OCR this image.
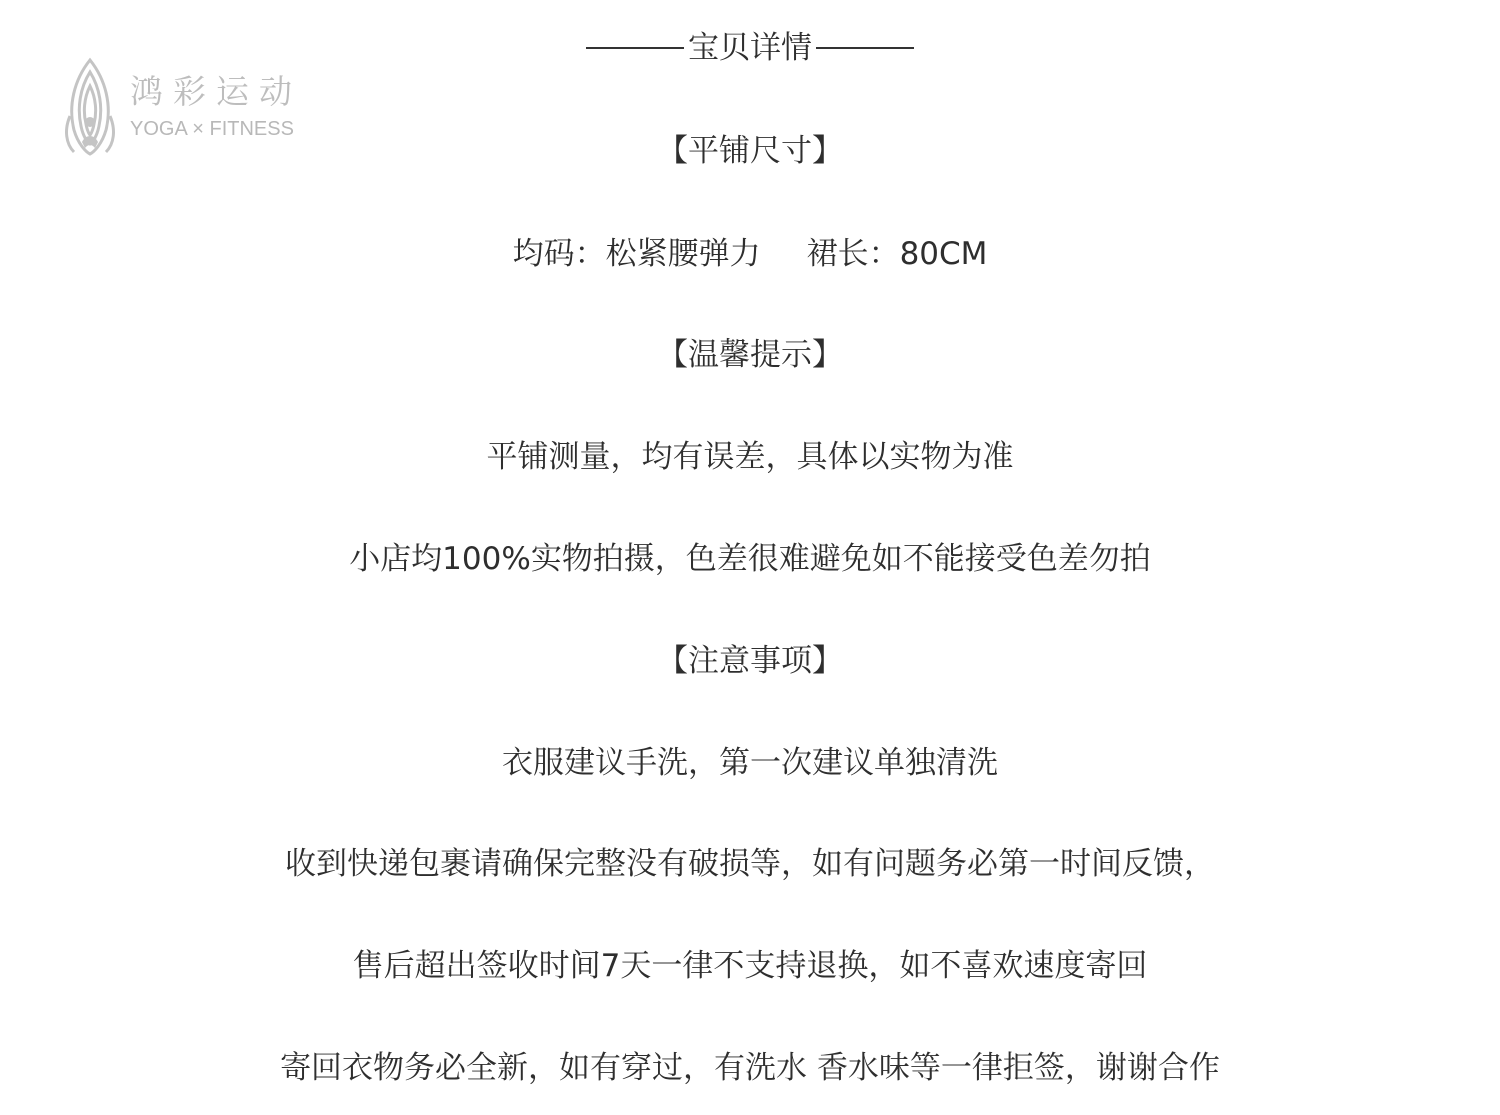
鸿彩运动
YOGA × FITNESS
宝贝详情
【平铺尺寸】
均码：松紧腰弹力 裙长：80CM
【温馨提示】
平铺测量，均有误差，具体以实物为准
小店均100%实物拍摄，色差很难避免如不能接受色差勿拍
【注意事项】
衣服建议手洗，第一次建议单独清洗
收到快递包裹请确保完整没有破损等，如有问题务必第一时间反馈，
售后超出签收时间7天一律不支持退换，如不喜欢速度寄回
寄回衣物务必全新，如有穿过，有洗水 香水味等一律拒签，谢谢合作
